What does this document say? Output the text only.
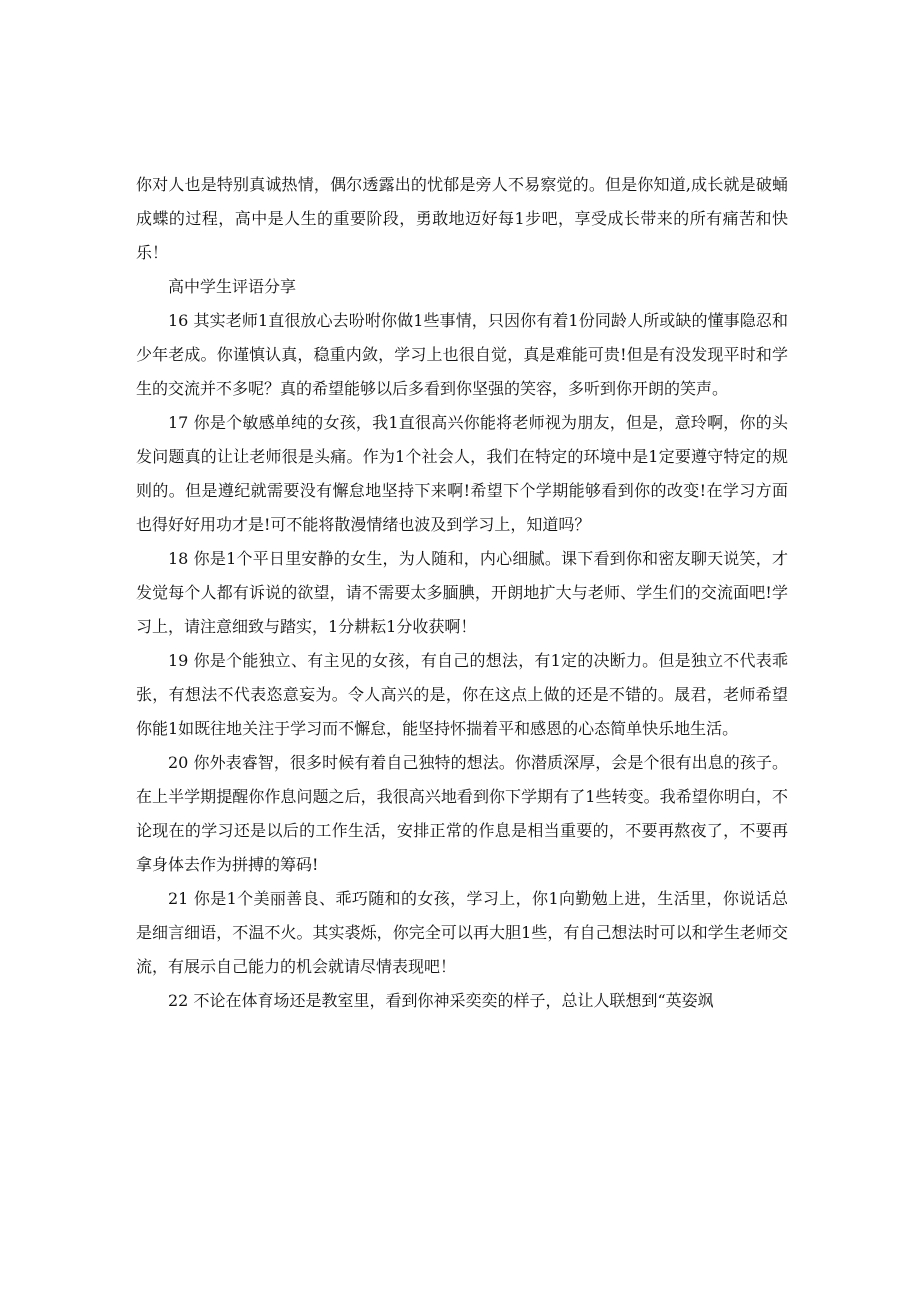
你对人也是特别真诚热情，偶尔透露出的忧郁是旁人不易察觉的。但是你知道,成长就是破蛹成蝶的过程，高中是人生的重要阶段，勇敢地迈好每1步吧，享受成长带来的所有痛苦和快乐！

高中学生评语分享

16 其实老师1直很放心去吩咐你做1些事情，只因你有着1份同龄人所或缺的懂事隐忍和少年老成。你谨慎认真，稳重内敛，学习上也很自觉，真是难能可贵!但是有没发现平时和学生的交流并不多呢？真的希望能够以后多看到你坚强的笑容，多听到你开朗的笑声。

17 你是个敏感单纯的女孩，我1直很高兴你能将老师视为朋友，但是，意玲啊，你的头发问题真的让让老师很是头痛。作为1个社会人，我们在特定的环境中是1定要遵守特定的规则的。但是遵纪就需要没有懈怠地坚持下来啊!希望下个学期能够看到你的改变!在学习方面也得好好用功才是!可不能将散漫情绪也波及到学习上，知道吗？

18 你是1个平日里安静的女生，为人随和，内心细腻。课下看到你和密友聊天说笑，才发觉每个人都有诉说的欲望，请不需要太多腼腆，开朗地扩大与老师、学生们的交流面吧!学习上，请注意细致与踏实，1分耕耘1分收获啊！

19 你是个能独立、有主见的女孩，有自己的想法，有1定的决断力。但是独立不代表乖张，有想法不代表恣意妄为。令人高兴的是，你在这点上做的还是不错的。晟君，老师希望你能1如既往地关注于学习而不懈怠，能坚持怀揣着平和感恩的心态简单快乐地生活。

20 你外表睿智，很多时候有着自己独特的想法。你潜质深厚，会是个很有出息的孩子。在上半学期提醒你作息问题之后，我很高兴地看到你下学期有了1些转变。我希望你明白，不论现在的学习还是以后的工作生活，安排正常的作息是相当重要的，不要再熬夜了，不要再拿身体去作为拼搏的筹码!

21 你是1个美丽善良、乖巧随和的女孩，学习上，你1向勤勉上进，生活里，你说话总是细言细语，不温不火。其实裘烁，你完全可以再大胆1些，有自己想法时可以和学生老师交流，有展示自己能力的机会就请尽情表现吧！

22 不论在体育场还是教室里，看到你神采奕奕的样子，总让人联想到“英姿飒
